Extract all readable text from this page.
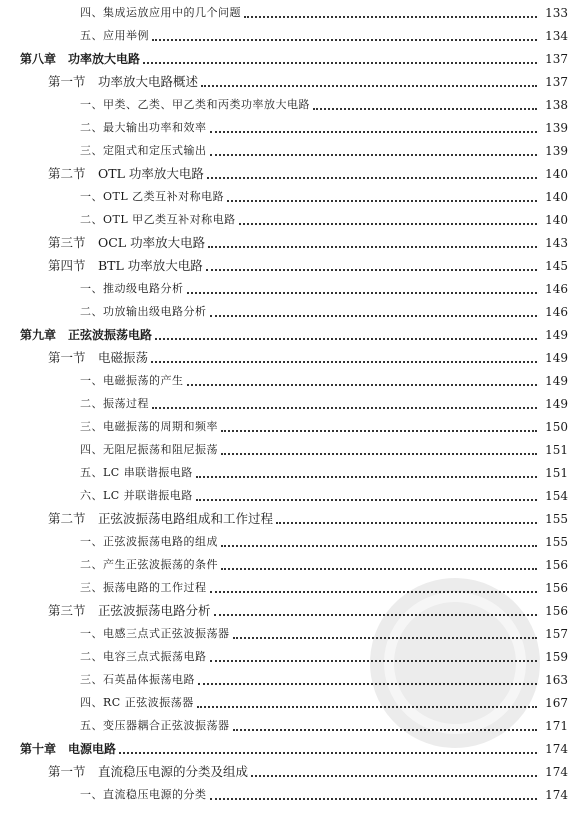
四、集成运放应用中的几个问题	133
五、应用举例	134
第八章　功率放大电路	137
第一节　功率放大电路概述	137
一、甲类、乙类、甲乙类和丙类功率放大电路	138
二、最大输出功率和效率	139
三、定阻式和定压式输出	139
第二节　OTL 功率放大电路	140
一、OTL 乙类互补对称电路	140
二、OTL 甲乙类互补对称电路	140
第三节　OCL 功率放大电路	143
第四节　BTL 功率放大电路	145
一、推动级电路分析	146
二、功放输出级电路分析	146
第九章　正弦波振荡电路	149
第一节　电磁振荡	149
一、电磁振荡的产生	149
二、振荡过程	149
三、电磁振荡的周期和频率	150
四、无阻尼振荡和阻尼振荡	151
五、LC 串联谐振电路	151
六、LC 并联谐振电路	154
第二节　正弦波振荡电路组成和工作过程	155
一、正弦波振荡电路的组成	155
二、产生正弦波振荡的条件	156
三、振荡电路的工作过程	156
第三节　正弦波振荡电路分析	156
一、电感三点式正弦波振荡器	157
二、电容三点式振荡电路	159
三、石英晶体振荡电路	163
四、RC 正弦波振荡器	167
五、变压器耦合正弦波振荡器	171
第十章　电源电路	174
第一节　直流稳压电源的分类及组成	174
一、直流稳压电源的分类	174
